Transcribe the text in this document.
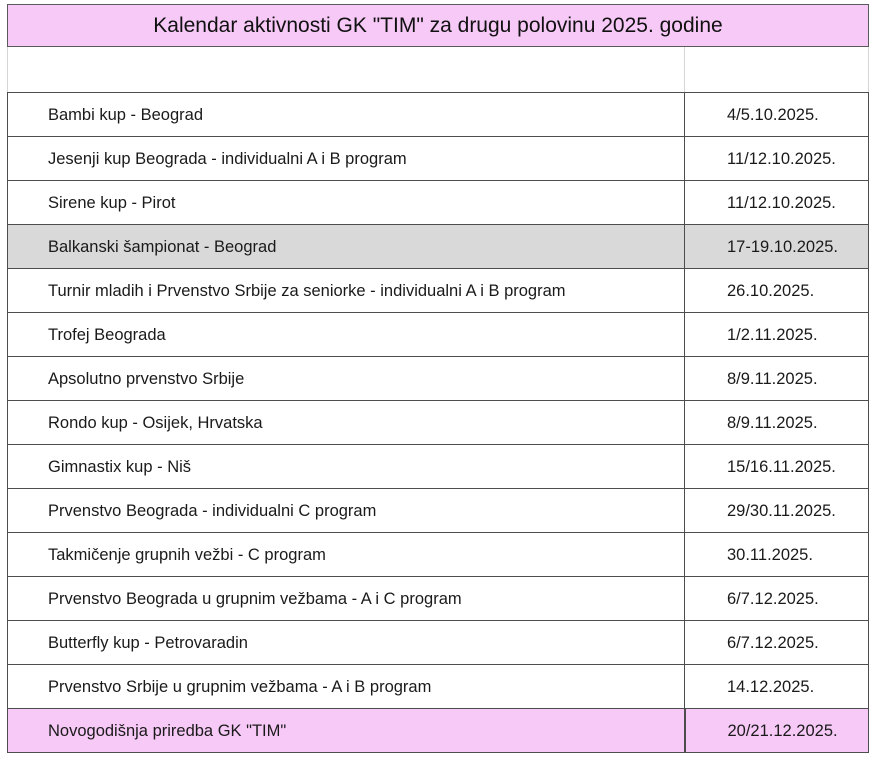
Kalendar aktivnosti GK "TIM" za drugu polovinu 2025. godine
Bambi kup - Beograd	4/5.10.2025.
Jesenji kup Beograda - individualni A i B program	11/12.10.2025.
Sirene kup - Pirot	11/12.10.2025.
Balkanski šampionat - Beograd	17-19.10.2025.
Turnir mladih i Prvenstvo Srbije za seniorke - individualni A i B program	26.10.2025.
Trofej Beograda	1/2.11.2025.
Apsolutno prvenstvo Srbije	8/9.11.2025.
Rondo kup - Osijek, Hrvatska	8/9.11.2025.
Gimnastix kup - Niš	15/16.11.2025.
Prvenstvo Beograda - individualni C program	29/30.11.2025.
Takmičenje grupnih vežbi - C program	30.11.2025.
Prvenstvo Beograda u grupnim vežbama - A i C program	6/7.12.2025.
Butterfly kup - Petrovaradin	6/7.12.2025.
Prvenstvo Srbije u grupnim vežbama - A i B program	14.12.2025.
Novogodišnja priredba GK "TIM"	20/21.12.2025.
